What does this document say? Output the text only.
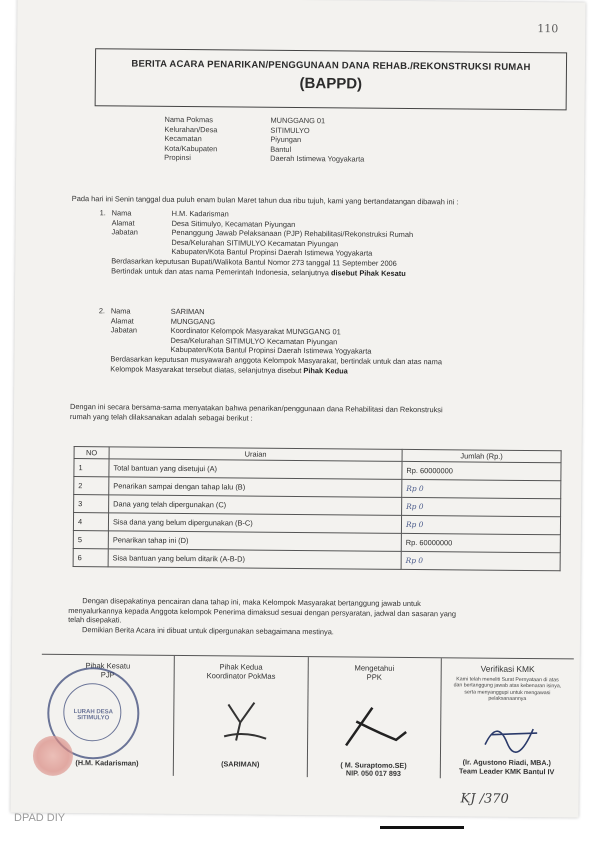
110
BERITA ACARA PENARIKAN/PENGGUNAAN DANA REHAB./REKONSTRUKSI RUMAH
(BAPPD)
Nama Pokmas	MUNGGANG 01
Kelurahan/Desa	SITIMULYO
Kecamatan	Piyungan
Kota/Kabupaten	Bantul
Propinsi	Daerah Istimewa Yogyakarta
Pada hari ini Senin tanggal dua puluh enam bulan Maret tahun dua ribu tujuh, kami yang bertandatangan dibawah ini :
1. Nama	H.M. Kadarisman
Alamat	Desa Sitimulyo, Kecamatan Piyungan
Jabatan	Penanggung Jawab Pelaksanaan (PJP) Rehabilitasi/Rekonstruksi Rumah
Desa/Kelurahan SITIMULYO Kecamatan Piyungan
Kabupaten/Kota Bantul Propinsi Daerah Istimewa Yogyakarta
Berdasarkan keputusan Bupati/Walikota Bantul Nomor 273 tanggal 11 September 2006
Bertindak untuk dan atas nama Pemerintah Indonesia, selanjutnya disebut Pihak Kesatu
2. Nama	SARIMAN
Alamat	MUNGGANG
Jabatan	Koordinator Kelompok Masyarakat MUNGGANG 01
Desa/Kelurahan SITIMULYO Kecamatan Piyungan
Kabupaten/Kota Bantul Propinsi Daerah Istimewa Yogyakarta
Berdasarkan keputusan musyawarah anggota Kelompok Masyarakat, bertindak untuk dan atas nama
Kelompok Masyarakat tersebut diatas, selanjutnya disebut Pihak Kedua
Dengan ini secara bersama-sama menyatakan bahwa penarikan/penggunaan dana Rehabilitasi dan Rekonstruksi
rumah yang telah dilaksanakan adalah sebagai berikut :
NO	Uraian	Jumlah (Rp.)
1	Total bantuan yang disetujui (A)	Rp. 60000000
2	Penarikan sampai dengan tahap lalu (B)	Rp 0
3	Dana yang telah dipergunakan (C)	Rp 0
4	Sisa dana yang belum dipergunakan (B-C)	Rp 0
5	Penarikan tahap ini (D)	Rp. 60000000
6	Sisa bantuan yang belum ditarik (A-B-D)	Rp 0
Dengan disepakatinya pencairan dana tahap ini, maka Kelompok Masyarakat bertanggung jawab untuk
menyalurkannya kepada Anggota kelompok Penerima dimaksud sesuai dengan persyaratan, jadwal dan sasaran yang
telah disepakati.
Demikian Berita Acara ini dibuat untuk dipergunakan sebagaimana mestinya.
LURAH DESA SITIMULYO
Pihak Kesatu
PJP
(H.M. Kadarisman)
Pihak Kedua
Koordinator PokMas
(SARIMAN)
Mengetahui
PPK
( M. Suraptomo.SE)
NIP. 050 017 893
Verifikasi KMK
Kami telah meneliti Surat Pernyataan di atas dan bertanggung jawab atas kebenaran isinya, serta menyanggupi untuk mengawasi pelaksanaannya
(Ir. Agustono Riadi, MBA.)
Team Leader KMK Bantul IV
KJ /370
DPAD DIY
